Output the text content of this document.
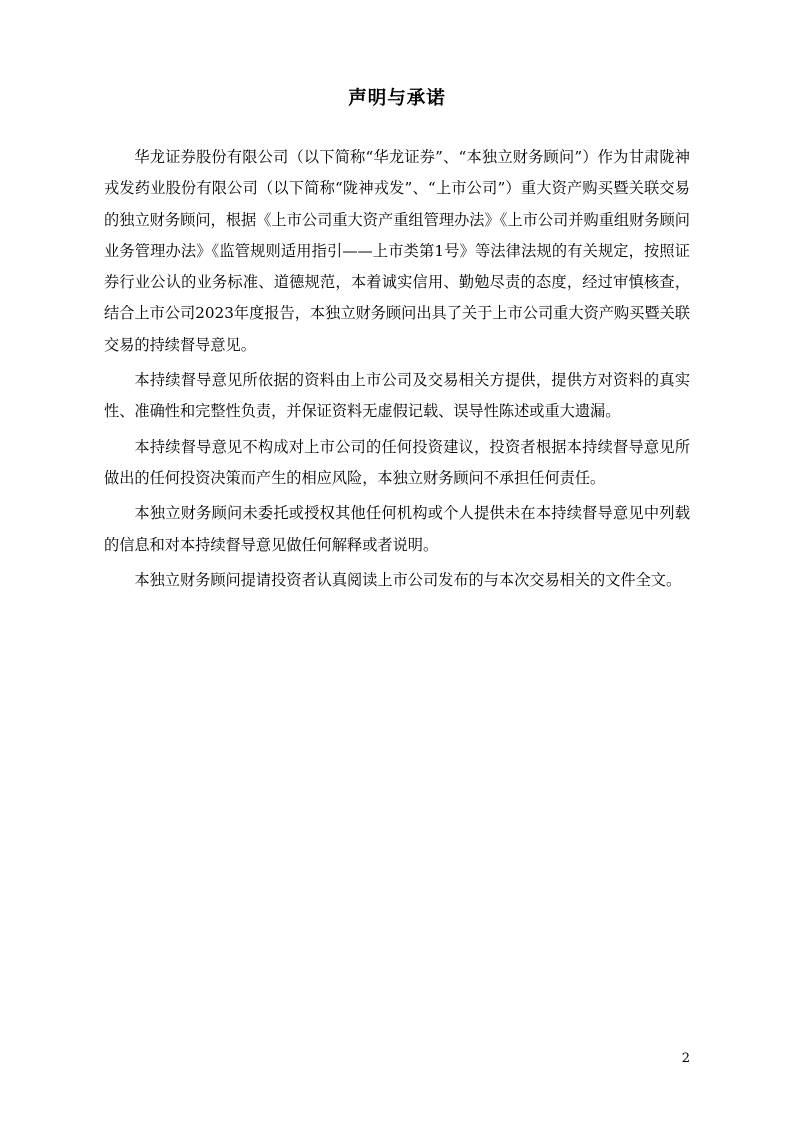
声明与承诺

华龙证券股份有限公司（以下简称“华龙证券”、“本独立财务顾问”）作为甘肃陇神戎发药业股份有限公司（以下简称“陇神戎发”、“上市公司”）重大资产购买暨关联交易的独立财务顾问，根据《上市公司重大资产重组管理办法》《上市公司并购重组财务顾问业务管理办法》《监管规则适用指引——上市类第1号》等法律法规的有关规定，按照证券行业公认的业务标准、道德规范，本着诚实信用、勤勉尽责的态度，经过审慎核查，结合上市公司2023年度报告，本独立财务顾问出具了关于上市公司重大资产购买暨关联交易的持续督导意见。

本持续督导意见所依据的资料由上市公司及交易相关方提供，提供方对资料的真实性、准确性和完整性负责，并保证资料无虚假记载、误导性陈述或重大遗漏。

本持续督导意见不构成对上市公司的任何投资建议，投资者根据本持续督导意见所做出的任何投资决策而产生的相应风险，本独立财务顾问不承担任何责任。

本独立财务顾问未委托或授权其他任何机构或个人提供未在本持续督导意见中列载的信息和对本持续督导意见做任何解释或者说明。

本独立财务顾问提请投资者认真阅读上市公司发布的与本次交易相关的文件全文。

2
